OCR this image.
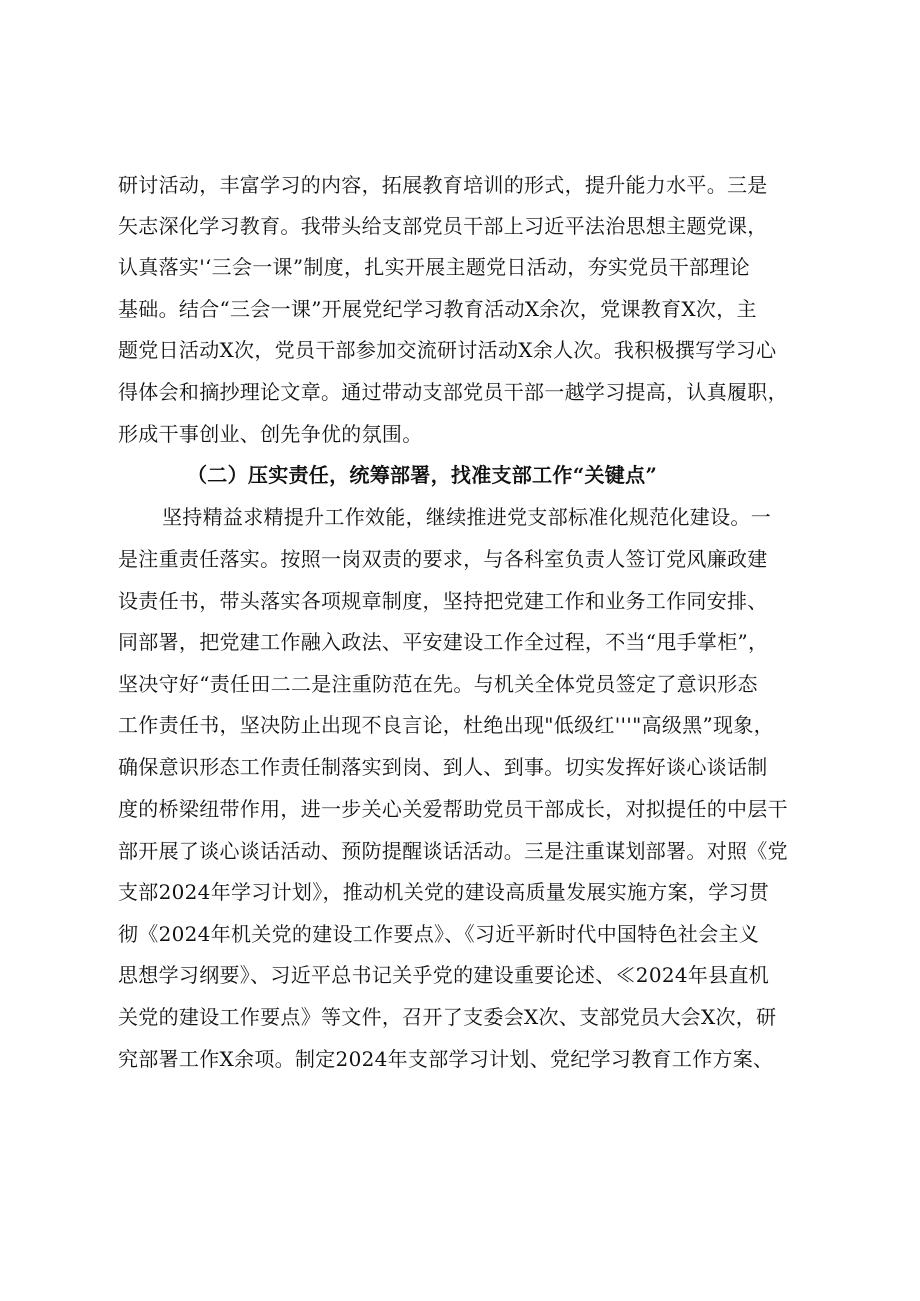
研讨活动，丰富学习的内容，拓展教育培训的形式，提升能力水平。三是
矢志深化学习教育。我带头给支部党员干部上习近平法治思想主题党课，
认真落实'‘三会一课”制度，扎实开展主题党日活动，夯实党员干部理论
基础。结合“三会一课”开展党纪学习教育活动X余次，党课教育X次，主
题党日活动X次，党员干部参加交流研讨活动X余人次。我积极撰写学习心
得体会和摘抄理论文章。通过带动支部党员干部一越学习提高，认真履职，
形成干事创业、创先争优的氛围。
（二）压实责任，统筹部署，找准支部工作“关键点”
坚持精益求精提升工作效能，继续推进党支部标准化规范化建设。一
是注重责任落实。按照一岗双责的要求，与各科室负责人签订党风廉政建
设责任书，带头落实各项规章制度，坚持把党建工作和业务工作同安排、
同部署，把党建工作融入政法、平安建设工作全过程，不当“甩手掌柜”，
坚决守好“责任田二二是注重防范在先。与机关全体党员签定了意识形态
工作责任书，坚决防止出现不良言论，杜绝出现"低级红'''"高级黑”现象，
确保意识形态工作责任制落实到岗、到人、到事。切实发挥好谈心谈话制
度的桥梁纽带作用，进一步关心关爱帮助党员干部成长，对拟提任的中层干
部开展了谈心谈话活动、预防提醒谈话活动。三是注重谋划部署。对照《党
支部2024年学习计划》，推动机关党的建设高质量发展实施方案，学习贯
彻《2024年机关党的建设工作要点》、《习近平新时代中国特色社会主义
思想学习纲要》、习近平总书记关乎党的建设重要论述、≪2024年县直机
关党的建设工作要点》等文件，召开了支委会X次、支部党员大会X次，研
究部署工作X余项。制定2024年支部学习计划、党纪学习教育工作方案、
